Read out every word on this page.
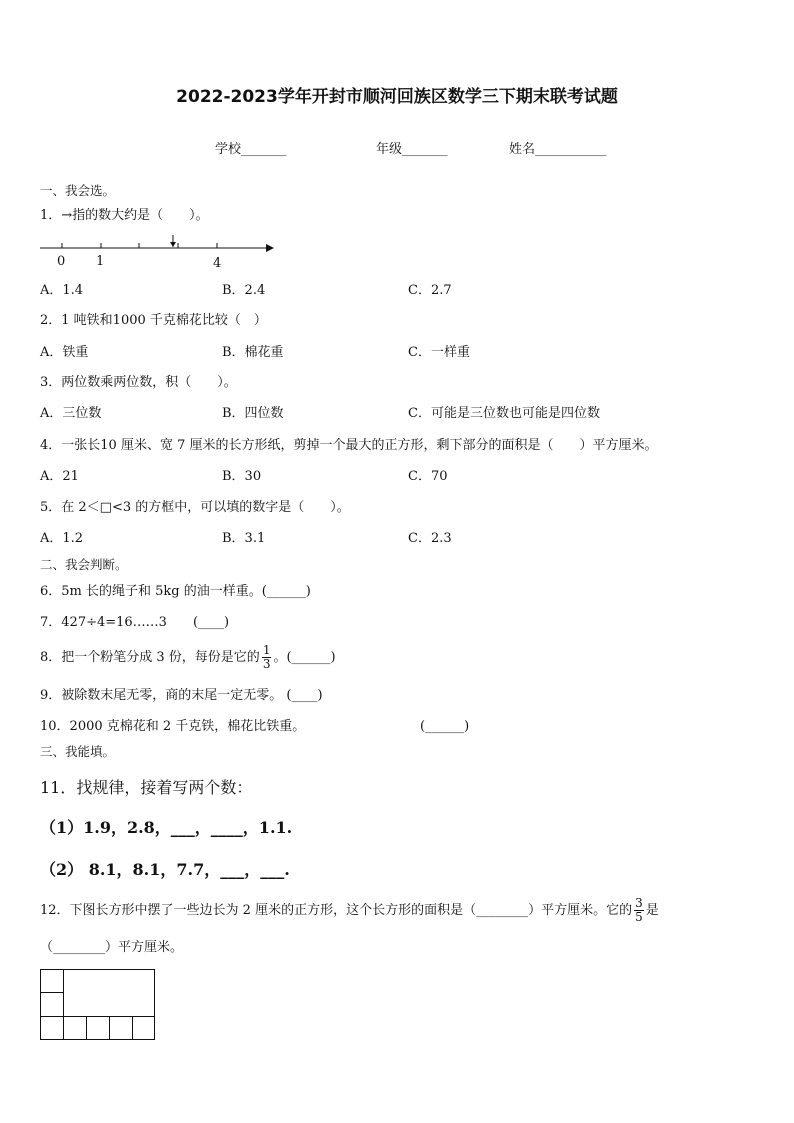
2022-2023学年开封市顺河回族区数学三下期末联考试题
学校_______	年级_______	姓名___________
一、我会选。
1．→指的数大约是（　　）。
0 1	4
A．1.4	B．2.4	C．2.7
2．1 吨铁和1000 千克棉花比较（　）
A．铁重	B．棉花重	C．一样重
3．两位数乘两位数，积（　　）。
A．三位数	B．四位数	C．可能是三位数也可能是四位数
4．一张长10 厘米、宽 7 厘米的长方形纸，剪掉一个最大的正方形，剩下部分的面积是（　　）平方厘米。
A．21	B．30	C．70
5．在 2＜□<3 的方框中，可以填的数字是（　　）。
A．1.2	B．3.1	C．2.3
二、我会判断。
6．5m 长的绳子和 5kg 的油一样重。(______)
7．427÷4=16……3　　(____)
8．把一个粉笔分成 3 份，每份是它的 $\frac{1}{3}$ 。(______)
9．被除数末尾无零，商的末尾一定无零。 (____)
10．2000 克棉花和 2 千克铁，棉花比铁重。	(______)
三、我能填。
11．找规律，接着写两个数：
（1）1.9，2.8，___，____，1.1.
（2） 8.1，8.1，7.7，___，___.
12．下图长方形中摆了一些边长为 2 厘米的正方形，这个长方形的面积是（________）平方厘米。它的 $\frac{3}{5}$ 是
（________）平方厘米。
